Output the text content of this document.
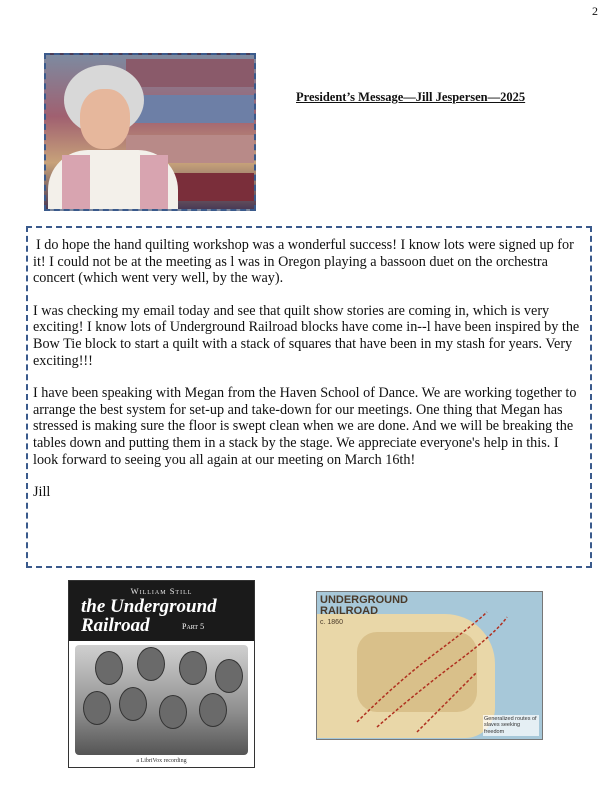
2
President’s Message—Jill Jespersen—2025

I do hope the hand quilting workshop was a wonderful success! I know lots were signed up for it! I could not be at the meeting as l was in Oregon playing a bassoon duet on the orchestra concert (which went very well, by the way).

I was checking my email today and see that quilt show stories are coming in, which is very exciting! I know lots of Underground Railroad blocks have come in--l have been inspired by the Bow Tie block to start a quilt with a stack of squares that have been in my stash for years. Very exciting!!!

I have been speaking with Megan from the Haven School of Dance. We are working together to arrange the best system for set-up and take-down for our meetings. One thing that Megan has stressed is making sure the floor is swept clean when we are done. And we will be breaking the tables down and putting them in a stack by the stage. We appreciate everyone's help in this. I look forward to seeing you all again at our meeting on March 16th!

Jill

William Still
the Underground
Railroad	Part 5
a LibriVox recording
UNDERGROUND
RAILROAD
c. 1860
Generalized routes of slaves seeking freedom
